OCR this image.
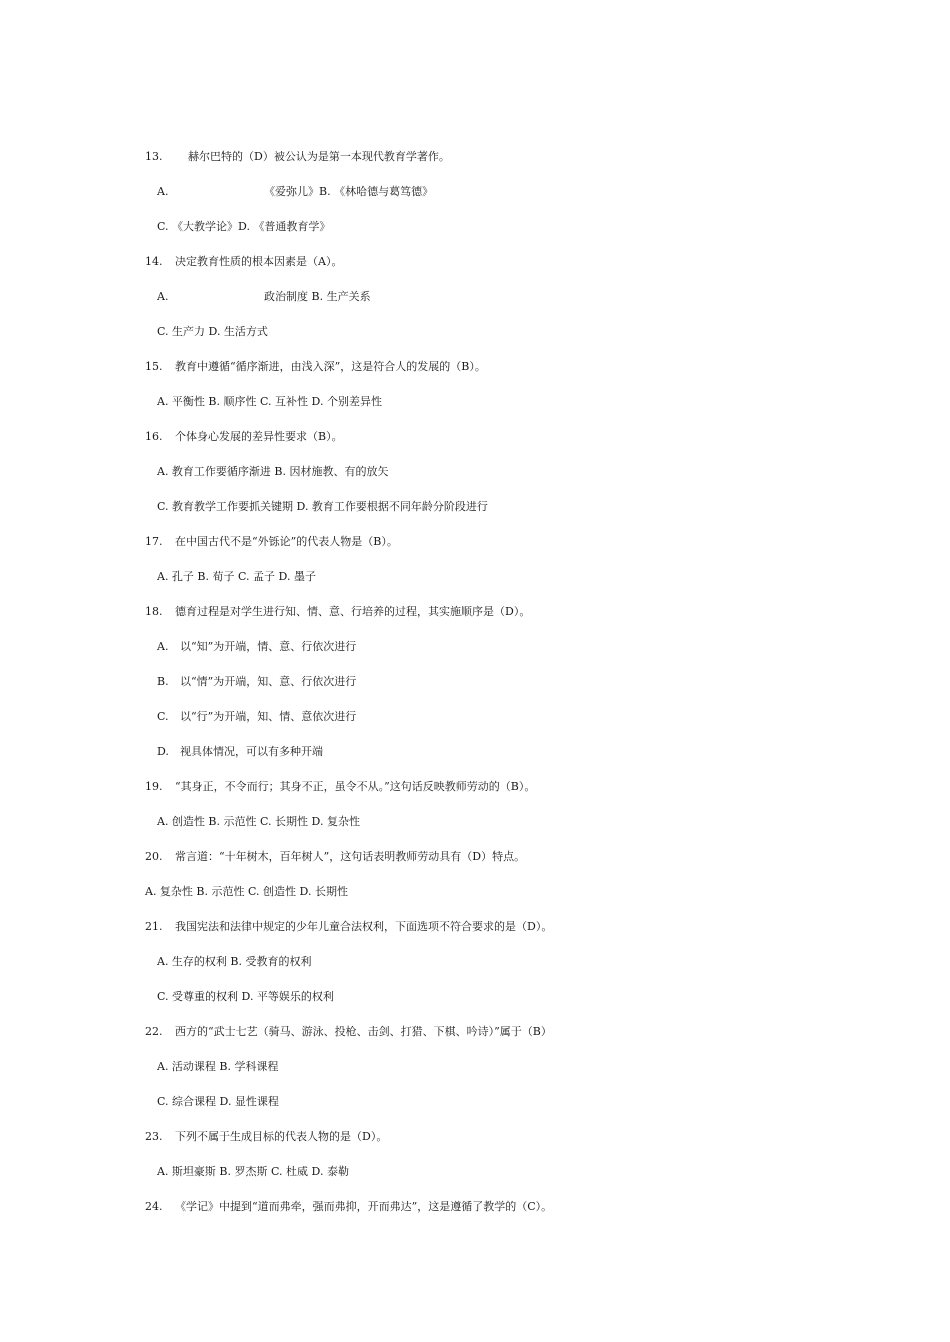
13. 赫尔巴特的（D）被公认为是第一本现代教育学著作。
A.	《爱弥儿》B. 《林哈德与葛笃德》
C. 《大教学论》D. 《普通教育学》
14. 决定教育性质的根本因素是（A）。
A.	政治制度 B. 生产关系
C. 生产力 D. 生活方式
15. 教育中遵循“循序渐进，由浅入深”，这是符合人的发展的（B）。
A. 平衡性 B. 顺序性 C. 互补性 D. 个别差异性
16. 个体身心发展的差异性要求（B）。
A. 教育工作要循序渐进 B. 因材施教、有的放矢
C. 教育教学工作要抓关键期 D. 教育工作要根据不同年龄分阶段进行
17. 在中国古代不是“外铄论”的代表人物是（B）。
A. 孔子 B. 荀子 C. 孟子 D. 墨子
18. 德育过程是对学生进行知、情、意、行培养的过程，其实施顺序是（D）。
A. 以“知”为开端，情、意、行依次进行
B. 以“情”为开端，知、意、行依次进行
C. 以“行”为开端，知、情、意依次进行
D. 视具体情况，可以有多种开端
19. “其身正，不令而行；其身不正，虽令不从。”这句话反映教师劳动的（B）。
A. 创造性 B. 示范性 C. 长期性 D. 复杂性
20. 常言道：“十年树木，百年树人”，这句话表明教师劳动具有（D）特点。
A. 复杂性 B. 示范性 C. 创造性 D. 长期性
21. 我国宪法和法律中规定的少年儿童合法权利，下面选项不符合要求的是（D）。
A. 生存的权利 B. 受教育的权利
C. 受尊重的权利 D. 平等娱乐的权利
22. 西方的“武士七艺（骑马、游泳、投枪、击剑、打猎、下棋、吟诗）”属于（B）
A. 活动课程 B. 学科课程
C. 综合课程 D. 显性课程
23. 下列不属于生成目标的代表人物的是（D）。
A. 斯坦豪斯 B. 罗杰斯 C. 杜威 D. 泰勒
24. 《学记》中提到“道而弗牵，强而弗抑，开而弗达”，这是遵循了教学的（C）。
